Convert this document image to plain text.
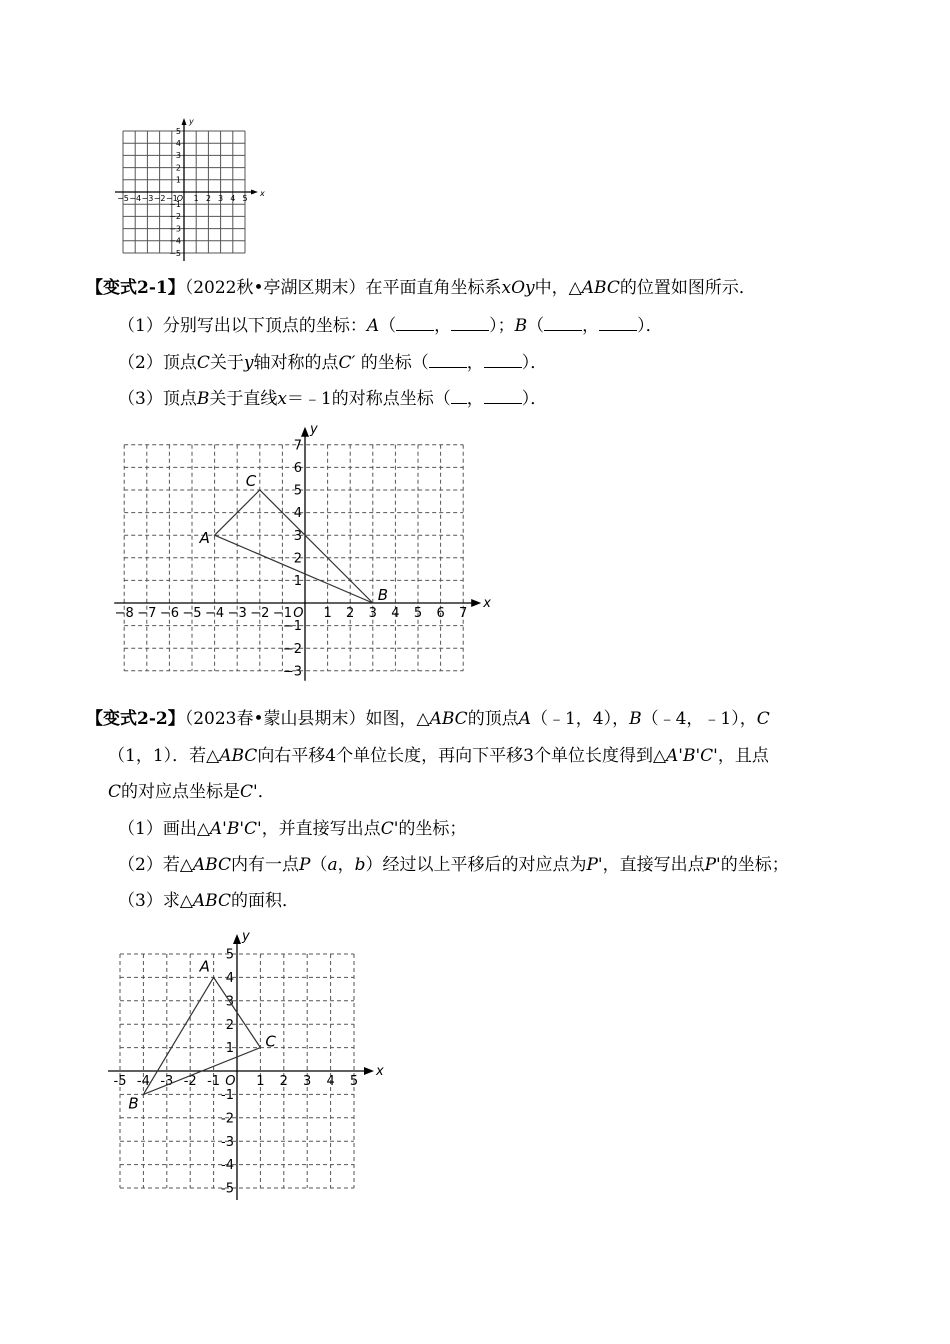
x
y
O
−5 −4 −3 −2 −1 1 2 3 4 5
5
4
3
2
1
−1
−2
−3
−4
−5
【变式2-1】（2022秋•亭湖区期末）在平面直角坐标系xOy中，△ABC的位置如图所示．
（1）分别写出以下顶点的坐标：A（ ， ）；B（ ， ）．
（2）顶点C关于y轴对称的点C′ 的坐标（ ， ）．
（3）顶点B关于直线x＝﹣1的对称点坐标（ ， ）．
x
y
O
−8 −7 −6 −5 −4 −3 −2 −1 1 2 3 4 5 6 7
1
2
3
4
5
6
7
−1
−2
−3
A
B
C
【变式2-2】（2023春•蒙山县期末）如图，△ABC的顶点A（﹣1，4），B（﹣4，﹣1），C
（1，1）．若△ABC向右平移4个单位长度，再向下平移3个单位长度得到△A'B'C'，且点
C的对应点坐标是C'．
（1）画出△A'B'C'，并直接写出点C'的坐标；
（2）若△ABC内有一点P（a，b）经过以上平移后的对应点为P'，直接写出点P'的坐标；
（3）求△ABC的面积．
x
y
O
-5 -4 -3 -2 -1	1 2 3 4 5
1
2
3
4
5
-1
-2
-3
-4
-5
A
B
C
